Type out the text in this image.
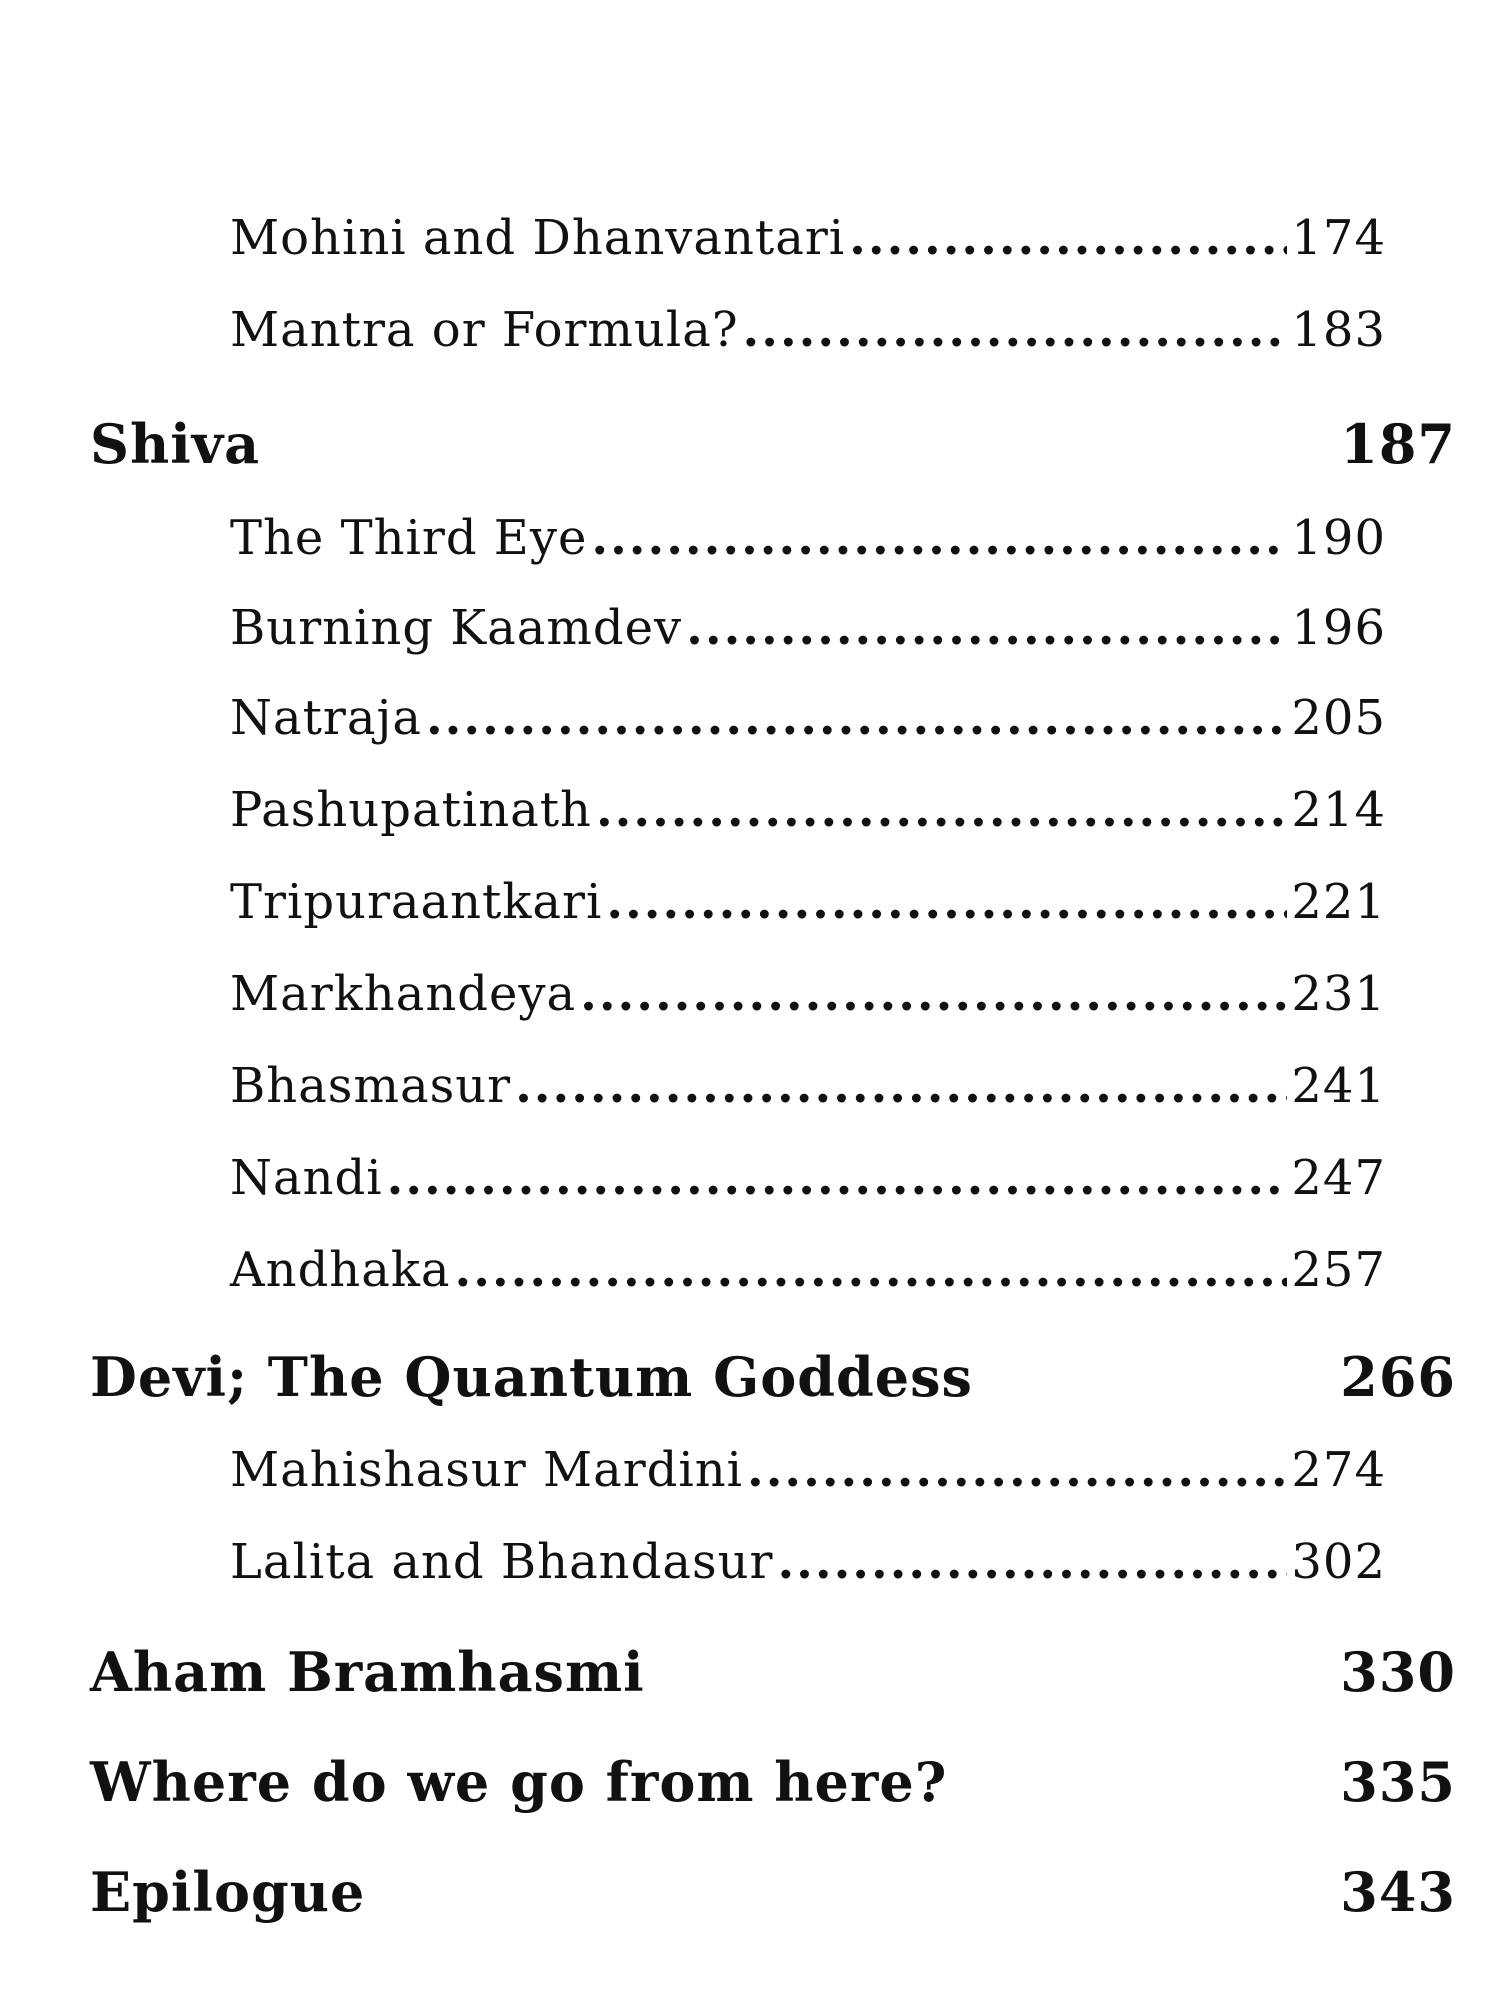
Mohini and Dhanvantari .....	174
Mantra or Formula? .....	183
Shiva	187
The Third Eye .....	190
Burning Kaamdev .....	196
Natraja .....	205
Pashupatinath .....	214
Tripuraantkari .....	221
Markhandeya .....	231
Bhasmasur .....	241
Nandi .....	247
Andhaka .....	257
Devi; The Quantum Goddess	266
Mahishasur Mardini .....	274
Lalita and Bhandasur .....	302
Aham Bramhasmi	330
Where do we go from here?	335
Epilogue	343
